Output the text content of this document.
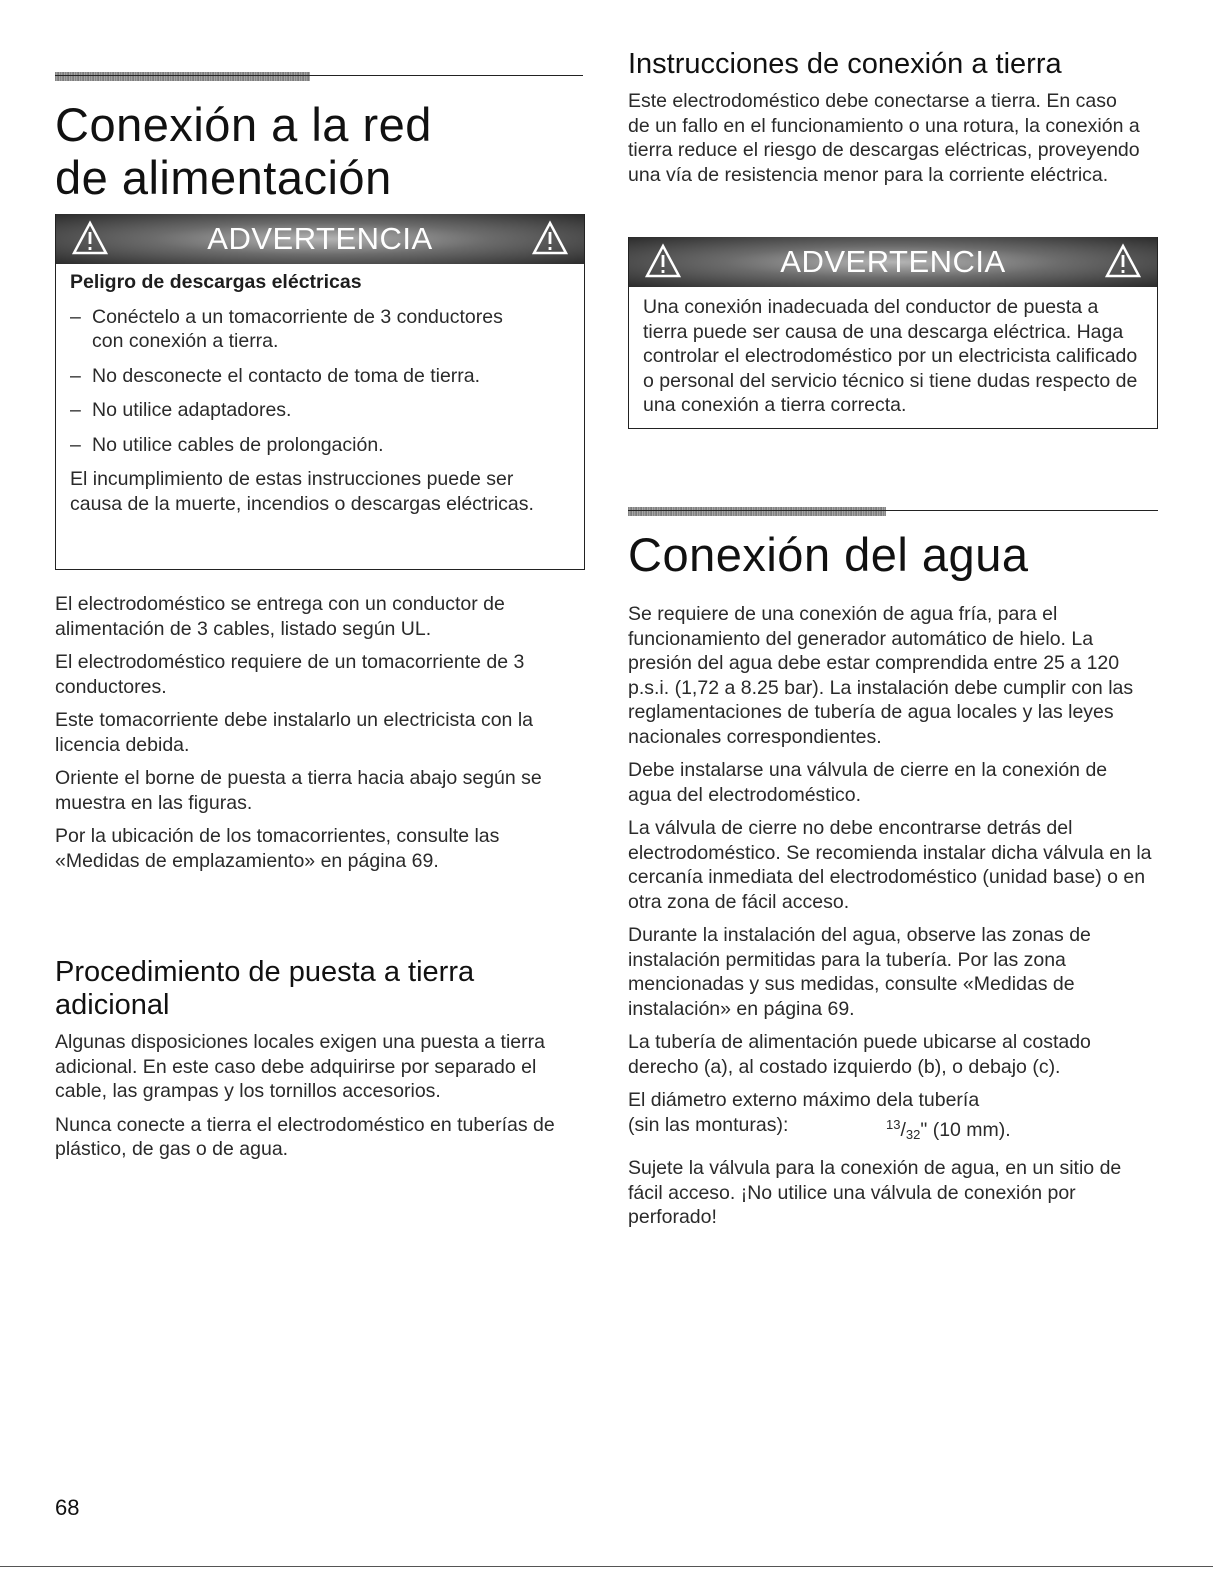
Conexión a la red
de alimentación
ADVERTENCIA
Peligro de descargas eléctricas
– Conéctelo a un tomacorriente de 3 conductores con conexión a tierra.
– No desconecte el contacto de toma de tierra.
– No utilice adaptadores.
– No utilice cables de prolongación.
El incumplimiento de estas instrucciones puede ser causa de la muerte, incendios o descargas eléctricas.

El electrodoméstico se entrega con un conductor de alimentación de 3 cables, listado según UL.

El electrodoméstico requiere de un tomacorriente de 3 conductores.

Este tomacorriente debe instalarlo un electricista con la licencia debida.

Oriente el borne de puesta a tierra hacia abajo según se muestra en las figuras.

Por la ubicación de los tomacorrientes, consulte las «Medidas de emplazamiento» en página 69.

Procedimiento de puesta a tierra adicional

Algunas disposiciones locales exigen una puesta a tierra adicional. En este caso debe adquirirse por separado el cable, las grampas y los tornillos accesorios.

Nunca conecte a tierra el electrodoméstico en tuberías de plástico, de gas o de agua.

68
Instrucciones de conexión a tierra
Este electrodoméstico debe conectarse a tierra. En caso de un fallo en el funcionamiento o una rotura, la conexión a tierra reduce el riesgo de descargas eléctricas, proveyendo una vía de resistencia menor para la corriente eléctrica.
ADVERTENCIA
Una conexión inadecuada del conductor de puesta a tierra puede ser causa de una descarga eléctrica. Haga controlar el electrodoméstico por un electricista calificado o personal del servicio técnico si tiene dudas respecto de una conexión a tierra correcta.
Conexión del agua

Se requiere de una conexión de agua fría, para el funcionamiento del generador automático de hielo. La presión del agua debe estar comprendida entre 25 a 120 p.s.i. (1,72 a 8.25 bar). La instalación debe cumplir con las reglamentaciones de tubería de agua locales y las leyes nacionales correspondientes.

Debe instalarse una válvula de cierre en la conexión de agua del electrodoméstico.

La válvula de cierre no debe encontrarse detrás del electrodoméstico. Se recomienda instalar dicha válvula en la cercanía inmediata del electrodoméstico (unidad base) o en otra zona de fácil acceso.

Durante la instalación del agua, observe las zonas de instalación permitidas para la tubería. Por las zona mencionadas y sus medidas, consulte «Medidas de instalación» en página 69.

La tubería de alimentación puede ubicarse al costado derecho (a), al costado izquierdo (b), o debajo (c).

El diámetro externo máximo dela tubería
(sin las monturas):	$^{13}/_{32}$" (10 mm).

Sujete la válvula para la conexión de agua, en un sitio de fácil acceso. ¡No utilice una válvula de conexión por perforado!
